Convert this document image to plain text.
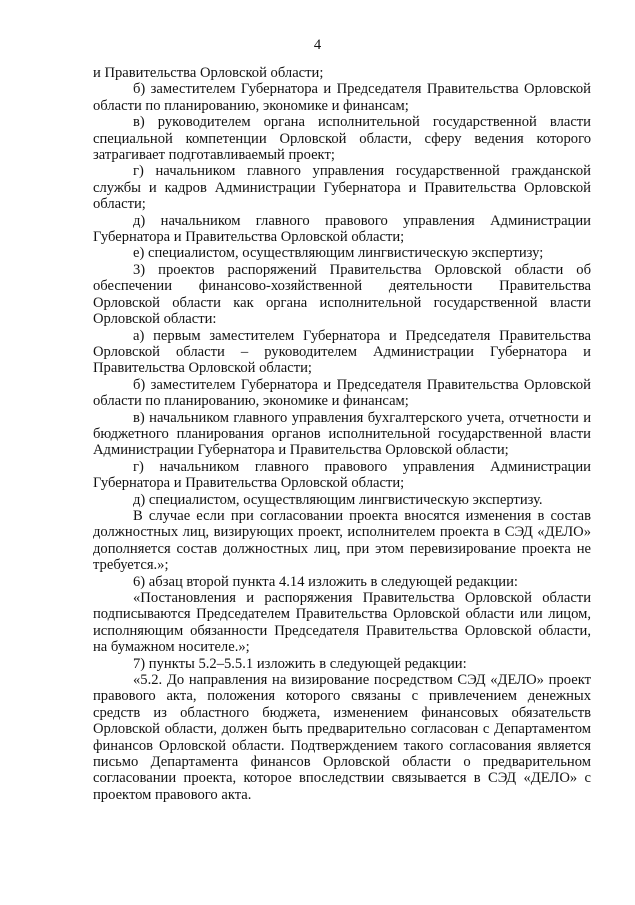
4

и Правительства Орловской области;

б) заместителем Губернатора и Председателя Правительства Орловской области по планированию, экономике и финансам;

в) руководителем органа исполнительной государственной власти специальной компетенции Орловской области, сферу ведения которого затрагивает подготавливаемый проект;

г) начальником главного управления государственной гражданской службы и кадров Администрации Губернатора и Правительства Орловской области;

д) начальником главного правового управления Администрации Губернатора и Правительства Орловской области;

е) специалистом, осуществляющим лингвистическую экспертизу;

3) проектов распоряжений Правительства Орловской области об обеспечении финансово-хозяйственной деятельности Правительства Орловской области как органа исполнительной государственной власти Орловской области:

а) первым заместителем Губернатора и Председателя Правительства Орловской области – руководителем Администрации Губернатора и Правительства Орловской области;

б) заместителем Губернатора и Председателя Правительства Орловской области по планированию, экономике и финансам;

в) начальником главного управления бухгалтерского учета, отчетности и бюджетного планирования органов исполнительной государственной власти Администрации Губернатора и Правительства Орловской области;

г) начальником главного правового управления Администрации Губернатора и Правительства Орловской области;

д) специалистом, осуществляющим лингвистическую экспертизу.

В случае если при согласовании проекта вносятся изменения в состав должностных лиц, визирующих проект, исполнителем проекта в СЭД «ДЕЛО» дополняется состав должностных лиц, при этом перевизирование проекта не требуется.»;

6) абзац второй пункта 4.14 изложить в следующей редакции:

«Постановления и распоряжения Правительства Орловской области подписываются Председателем Правительства Орловской области или лицом, исполняющим обязанности Председателя Правительства Орловской области, на бумажном носителе.»;

7) пункты 5.2–5.5.1 изложить в следующей редакции:

«5.2. До направления на визирование посредством СЭД «ДЕЛО» проект правового акта, положения которого связаны с привлечением денежных средств из областного бюджета, изменением финансовых обязательств Орловской области, должен быть предварительно согласован с Департаментом финансов Орловской области. Подтверждением такого согласования является письмо Департамента финансов Орловской области о предварительном согласовании проекта, которое впоследствии связывается в СЭД «ДЕЛО» с проектом правового акта.
